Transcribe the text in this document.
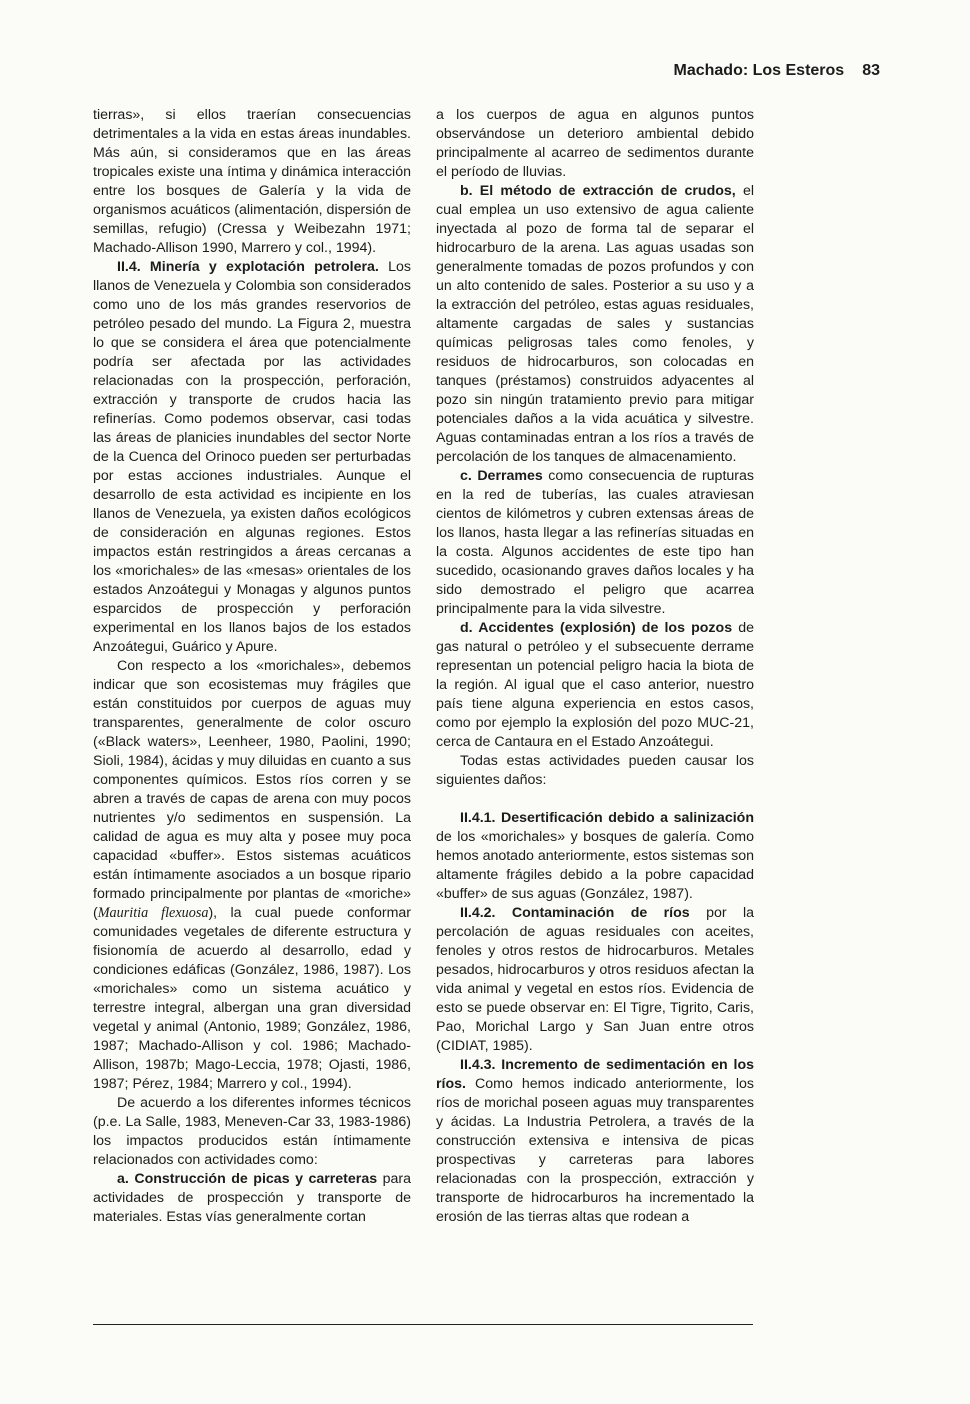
Machado: Los Esteros 83

tierras», si ellos traerían consecuencias detrimentales a la vida en estas áreas inundables. Más aún, si consideramos que en las áreas tropicales existe una íntima y dinámica interacción entre los bosques de Galería y la vida de organismos acuáticos (alimentación, dispersión de semillas, refugio) (Cressa y Weibezahn 1971; Machado-Allison 1990, Marrero y col., 1994).

II.4. Minería y explotación petrolera. Los llanos de Venezuela y Colombia son considerados como uno de los más grandes reservorios de petróleo pesado del mundo. La Figura 2, muestra lo que se considera el área que potencialmente podría ser afectada por las actividades relacionadas con la prospección, perforación, extracción y transporte de crudos hacia las refinerías. Como podemos observar, casi todas las áreas de planicies inundables del sector Norte de la Cuenca del Orinoco pueden ser perturbadas por estas acciones industriales. Aunque el desarrollo de esta actividad es incipiente en los llanos de Venezuela, ya existen daños ecológicos de consideración en algunas regiones. Estos impactos están restringidos a áreas cercanas a los «morichales» de las «mesas» orientales de los estados Anzoátegui y Monagas y algunos puntos esparcidos de prospección y perforación experimental en los llanos bajos de los estados Anzoátegui, Guárico y Apure.

Con respecto a los «morichales», debemos indicar que son ecosistemas muy frágiles que están constituidos por cuerpos de aguas muy transparentes, generalmente de color oscuro («Black waters», Leenheer, 1980, Paolini, 1990; Sioli, 1984), ácidas y muy diluidas en cuanto a sus componentes químicos. Estos ríos corren y se abren a través de capas de arena con muy pocos nutrientes y/o sedimentos en suspensión. La calidad de agua es muy alta y posee muy poca capacidad «buffer». Estos sistemas acuáticos están íntimamente asociados a un bosque ripario formado principalmente por plantas de «moriche» (Mauritia flexuosa), la cual puede conformar comunidades vegetales de diferente estructura y fisionomía de acuerdo al desarrollo, edad y condiciones edáficas (González, 1986, 1987). Los «morichales» como un sistema acuático y terrestre integral, albergan una gran diversidad vegetal y animal (Antonio, 1989; González, 1986, 1987; Machado-Allison y col. 1986; Machado-Allison, 1987b; Mago-Leccia, 1978; Ojasti, 1986, 1987; Pérez, 1984; Marrero y col., 1994).

De acuerdo a los diferentes informes técnicos (p.e. La Salle, 1983, Meneven-Car 33, 1983-1986) los impactos producidos están íntimamente relacionados con actividades como:

a. Construcción de picas y carreteras para actividades de prospección y transporte de materiales. Estas vías generalmente cortan

a los cuerpos de agua en algunos puntos observándose un deterioro ambiental debido principalmente al acarreo de sedimentos durante el período de lluvias.

b. El método de extracción de crudos, el cual emplea un uso extensivo de agua caliente inyectada al pozo de forma tal de separar el hidrocarburo de la arena. Las aguas usadas son generalmente tomadas de pozos profundos y con un alto contenido de sales. Posterior a su uso y a la extracción del petróleo, estas aguas residuales, altamente cargadas de sales y sustancias químicas peligrosas tales como fenoles, y residuos de hidrocarburos, son colocadas en tanques (préstamos) construidos adyacentes al pozo sin ningún tratamiento previo para mitigar potenciales daños a la vida acuática y silvestre. Aguas contaminadas entran a los ríos a través de percolación de los tanques de almacenamiento.

c. Derrames como consecuencia de rupturas en la red de tuberías, las cuales atraviesan cientos de kilómetros y cubren extensas áreas de los llanos, hasta llegar a las refinerías situadas en la costa. Algunos accidentes de este tipo han sucedido, ocasionando graves daños locales y ha sido demostrado el peligro que acarrea principalmente para la vida silvestre.

d. Accidentes (explosión) de los pozos de gas natural o petróleo y el subsecuente derrame representan un potencial peligro hacia la biota de la región. Al igual que el caso anterior, nuestro país tiene alguna experiencia en estos casos, como por ejemplo la explosión del pozo MUC-21, cerca de Cantaura en el Estado Anzoátegui.

Todas estas actividades pueden causar los siguientes daños:

II.4.1. Desertificación debido a salinización de los «morichales» y bosques de galería. Como hemos anotado anteriormente, estos sistemas son altamente frágiles debido a la pobre capacidad «buffer» de sus aguas (González, 1987).

II.4.2. Contaminación de ríos por la percolación de aguas residuales con aceites, fenoles y otros restos de hidrocarburos. Metales pesados, hidrocarburos y otros residuos afectan la vida animal y vegetal en estos ríos. Evidencia de esto se puede observar en: El Tigre, Tigrito, Caris, Pao, Morichal Largo y San Juan entre otros (CIDIAT, 1985).

II.4.3. Incremento de sedimentación en los ríos. Como hemos indicado anteriormente, los ríos de morichal poseen aguas muy transparentes y ácidas. La Industria Petrolera, a través de la construcción extensiva e intensiva de picas prospectivas y carreteras para labores relacionadas con la prospección, extracción y transporte de hidrocarburos ha incrementado la erosión de las tierras altas que rodean a
